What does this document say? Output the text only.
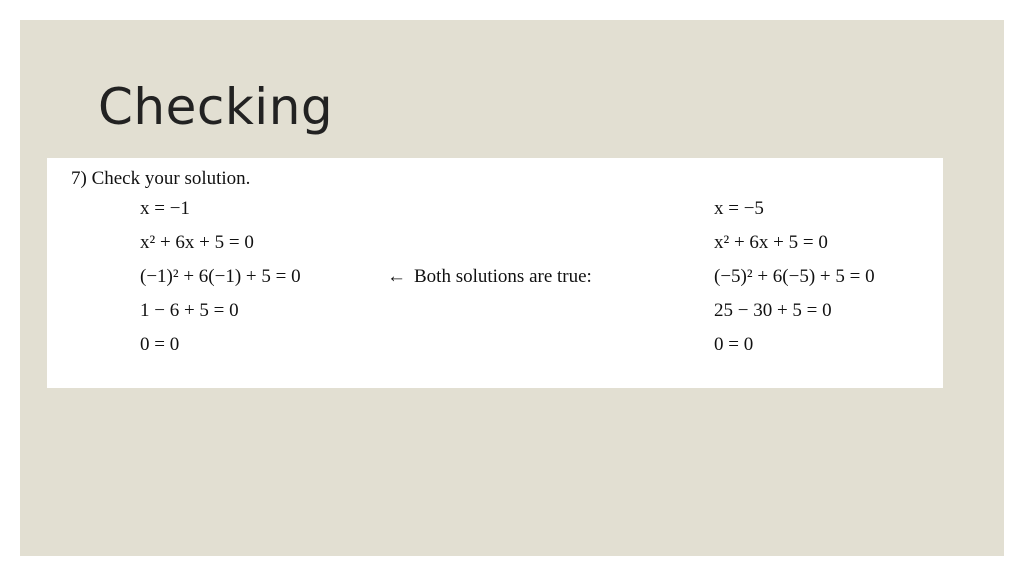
Checking
7) Check your solution.
x = −1
x² + 6x + 5 = 0
(−1)² + 6(−1) + 5 = 0
1 − 6 + 5 = 0
0 = 0
← Both solutions are true:
x = −5
x² + 6x + 5 = 0
(−5)² + 6(−5) + 5 = 0
25 − 30 + 5 = 0
0 = 0
